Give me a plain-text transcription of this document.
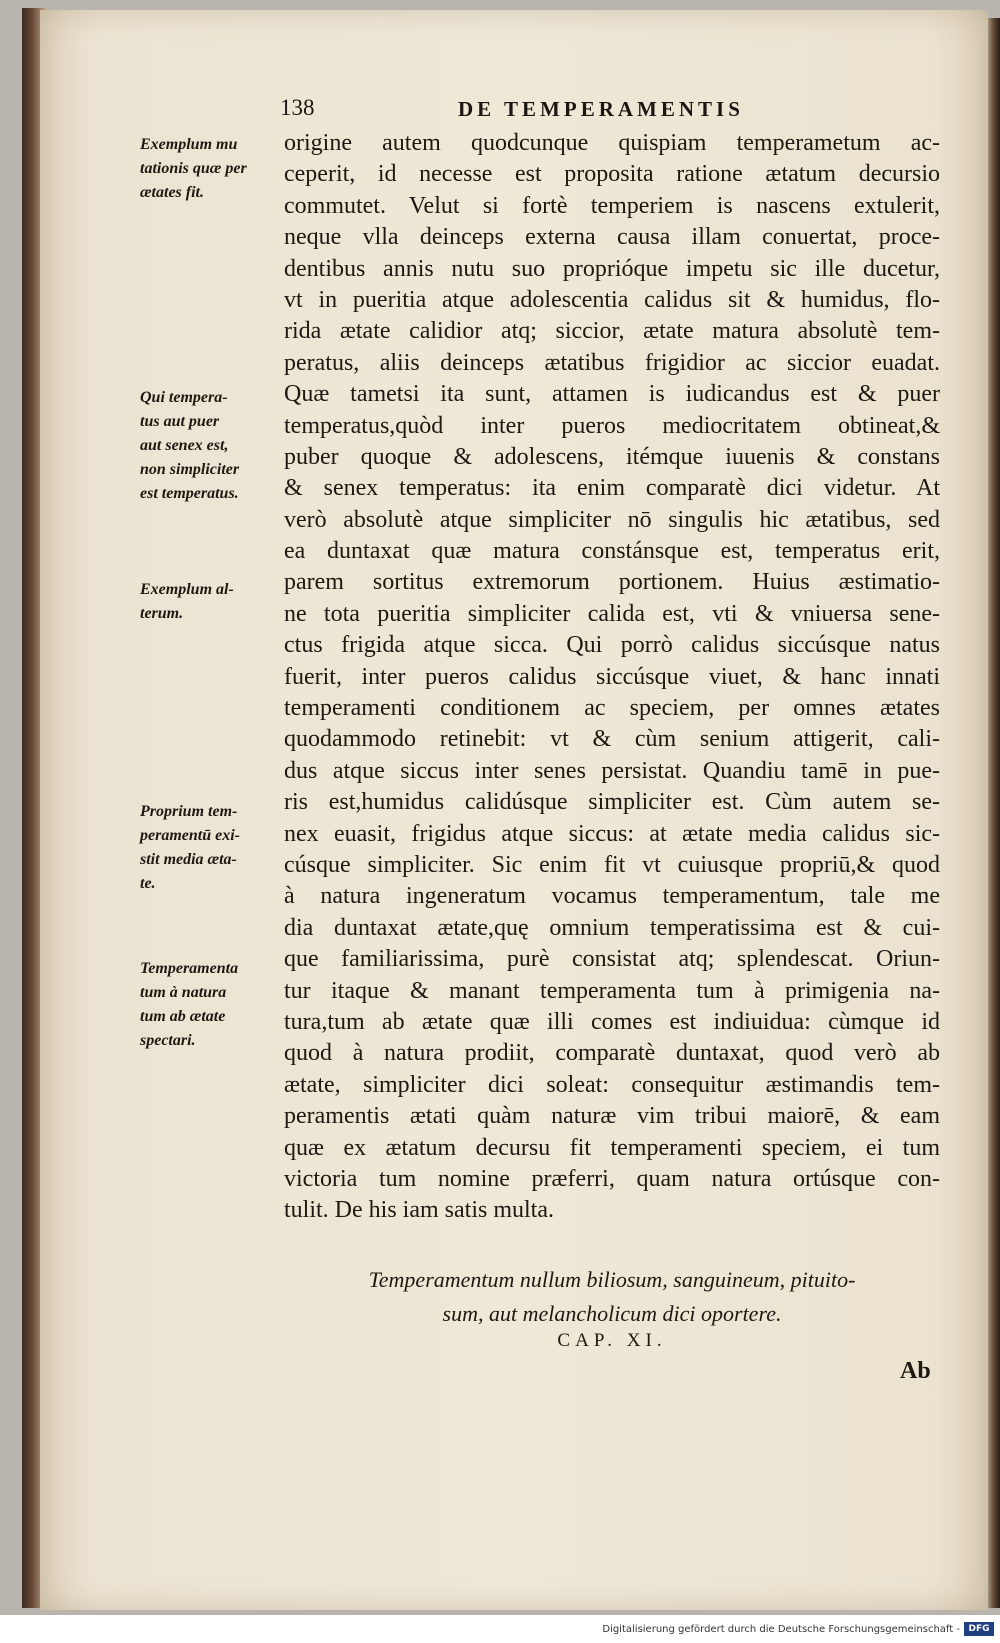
138	DE TEMPERAMENTIS
origine autem quodcunque quispiam temperametum ac-
ceperit, id necesse est proposita ratione ætatum decursio
commutet. Velut si fortè temperiem is nascens extulerit,
neque vlla deinceps externa causa illam conuertat, proce-
dentibus annis nutu suo proprióque impetu sic ille ducetur,
vt in pueritia atque adolescentia calidus sit & humidus, flo-
rida ætate calidior atq; siccior, ætate matura absolutè tem-
peratus, aliis deinceps ætatibus frigidior ac siccior euadat.
Quæ tametsi ita sunt, attamen is iudicandus est & puer
temperatus,quòd inter pueros mediocritatem obtineat,&
puber quoque & adolescens, itémque iuuenis & constans
& senex temperatus: ita enim comparatè dici videtur. At
verò absolutè atque simpliciter nō singulis hic ætatibus, sed
ea duntaxat quæ matura constánsque est, temperatus erit,
parem sortitus extremorum portionem. Huius æstimatio-
ne tota pueritia simpliciter calida est, vti & vniuersa sene-
ctus frigida atque sicca. Qui porrò calidus siccúsque natus
fuerit, inter pueros calidus siccúsque viuet, & hanc innati
temperamenti conditionem ac speciem, per omnes ætates
quodammodo retinebit: vt & cùm senium attigerit, cali-
dus atque siccus inter senes persistat. Quandiu tamē in pue-
ris est,humidus calidúsque simpliciter est. Cùm autem se-
nex euasit, frigidus atque siccus: at ætate media calidus sic-
cúsque simpliciter. Sic enim fit vt cuiusque propriū,& quod
à natura ingeneratum vocamus temperamentum, tale me
dia duntaxat ætate,quę omnium temperatissima est & cui-
que familiarissima, purè consistat atq; splendescat. Oriun-
tur itaque & manant temperamenta tum à primigenia na-
tura,tum ab ætate quæ illi comes est indiuidua: cùmque id
quod à natura prodiit, comparatè duntaxat, quod verò ab
ætate, simpliciter dici soleat: consequitur æstimandis tem-
peramentis ætati quàm naturæ vim tribui maiorē, & eam
quæ ex ætatum decursu fit temperamenti speciem, ei tum
victoria tum nomine præferri, quam natura ortúsque con-
tulit. De his iam satis multa.
Exemplum mu
tationis quæ per
ætates fit.
Qui tempera-
tus aut puer
aut senex est,
non simpliciter
est temperatus.
Exemplum al-
terum.
Proprium tem-
peramentū exi-
stit media æta-
te.
Temperamenta
tum à natura
tum ab ætate
spectari.
Temperamentum nullum biliosum, sanguineum, pituito-
sum, aut melancholicum dici oportere.
CAP. XI.
Ab
Digitalisierung gefördert durch die Deutsche Forschungsgemeinschaft - DFG
